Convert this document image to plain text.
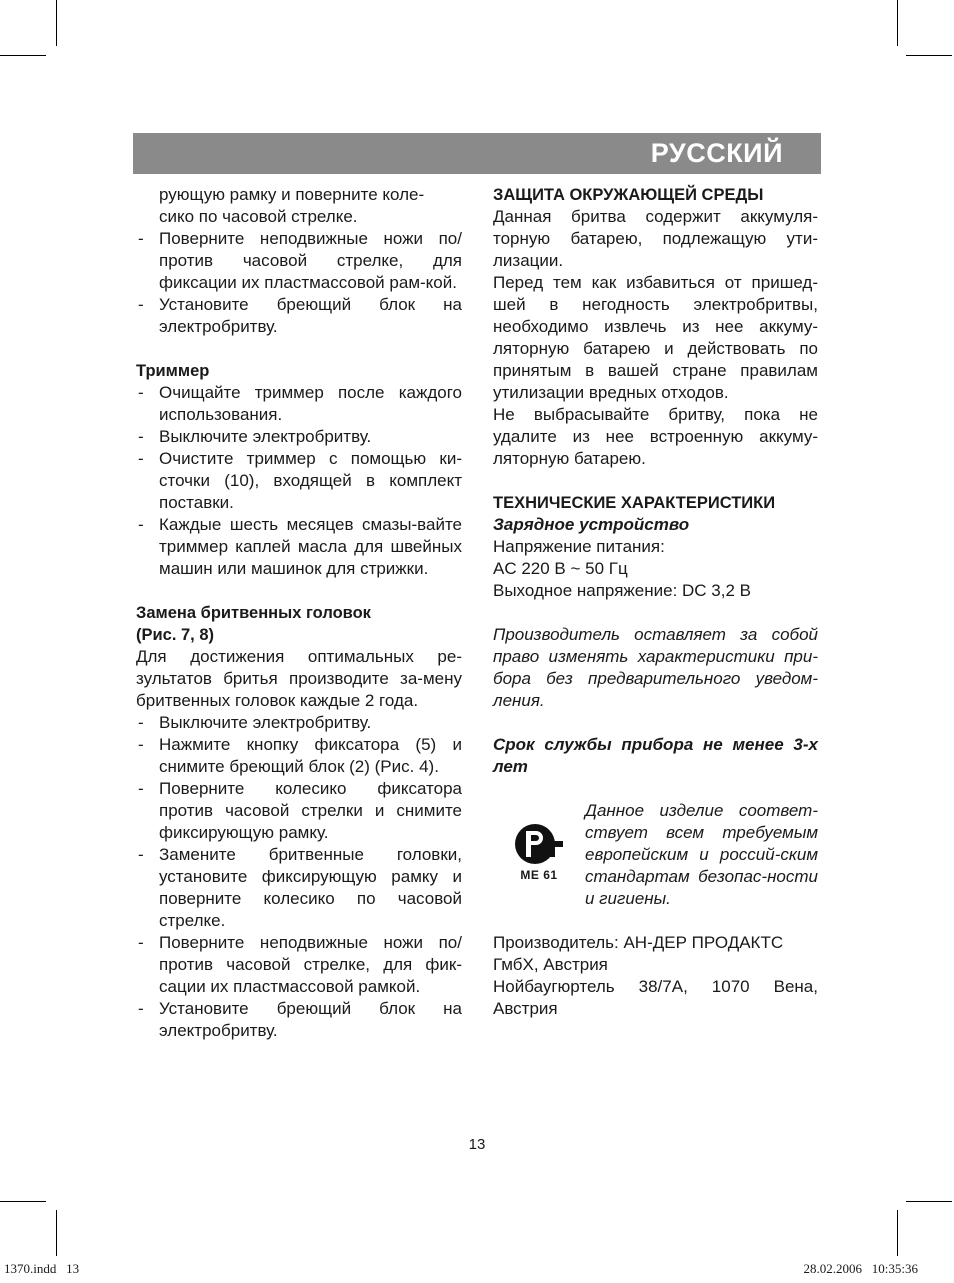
РУССКИЙ

рующую рамку и поверните коле-
сико по часовой стрелке.

- Поверните неподвижные ножи по/против часовой стрелке, для фиксации их пластмассовой рам-кой.
- Установите бреющий блок на электробритву.

Триммер

- Очищайте триммер после каждого использования.
- Выключите электробритву.
- Очистите триммер с помощью ки-сточки (10), входящей в комплект поставки.
- Каждые шесть месяцев смазы-вайте триммер каплей масла для швейных машин или машинок для стрижки.

Замена бритвенных головок
(Рис. 7, 8)

Для достижения оптимальных ре-зультатов бритья производите за-мену бритвенных головок каждые 2 года.

- Выключите электробритву.
- Нажмите кнопку фиксатора (5) и снимите бреющий блок (2) (Рис. 4).
- Поверните колесико фиксатора против часовой стрелки и снимите фиксирующую рамку.
- Замените бритвенные головки, установите фиксирующую рамку и поверните колесико по часовой стрелке.
- Поверните неподвижные ножи по/против часовой стрелке, для фик-сации их пластмассовой рамкой.
- Установите бреющий блок на электробритву.

ЗАЩИТА ОКРУЖАЮЩЕЙ СРЕДЫ

Данная бритва содержит аккумуля-торную батарею, подлежащую ути-лизации.

Перед тем как избавиться от пришед-шей в негодность электробритвы, необходимо извлечь из нее аккуму-ляторную батарею и действовать по принятым в вашей стране правилам утилизации вредных отходов.

Не выбрасывайте бритву, пока не удалите из нее встроенную аккуму-ляторную батарею.

ТЕХНИЧЕСКИЕ ХАРАКТЕРИСТИКИ

Зарядное устройство

Напряжение питания:

AC 220 В ~ 50 Гц

Выходное напряжение: DC 3,2 В

Производитель оставляет за собой право изменять характеристики при-бора без предварительного уведом-ления.

Срок службы прибора не менее 3-х лет

ME 61

Данное изделие соответ-ствует всем требуемым европейским и россий-ским стандартам безопас-ности и гигиены.

Производитель: АН-ДЕР ПРОДАКТС ГмбХ, Австрия

Нойбаугюртель 38/7А, 1070 Вена, Австрия

13
1370.indd   13	28.02.2006   10:35:36
